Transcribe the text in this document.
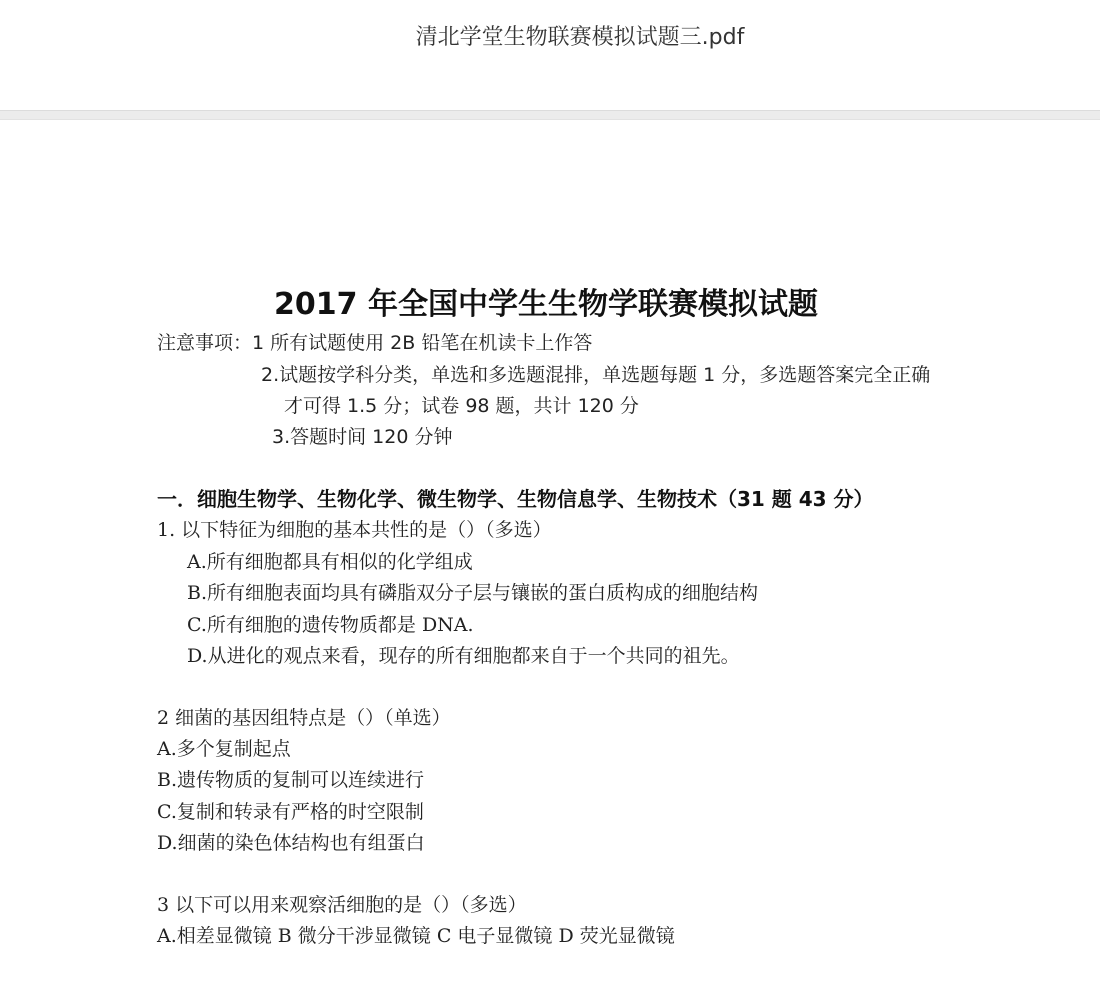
清北学堂生物联赛模拟试题三.pdf
2017 年全国中学生生物学联赛模拟试题
注意事项：1 所有试题使用 2B 铅笔在机读卡上作答
2.试题按学科分类，单选和多选题混排，单选题每题 1 分，多选题答案完全正确
才可得 1.5 分；试卷 98 题，共计 120 分
3.答题时间 120 分钟
一．细胞生物学、生物化学、微生物学、生物信息学、生物技术（31 题 43 分）
1. 以下特征为细胞的基本共性的是（）（多选）
A.所有细胞都具有相似的化学组成
B.所有细胞表面均具有磷脂双分子层与镶嵌的蛋白质构成的细胞结构
C.所有细胞的遗传物质都是 DNA.
D.从进化的观点来看，现存的所有细胞都来自于一个共同的祖先。
2 细菌的基因组特点是（）（单选）
A.多个复制起点
B.遗传物质的复制可以连续进行
C.复制和转录有严格的时空限制
D.细菌的染色体结构也有组蛋白
3 以下可以用来观察活细胞的是（）（多选）
A.相差显微镜 B 微分干涉显微镜 C 电子显微镜 D 荧光显微镜
